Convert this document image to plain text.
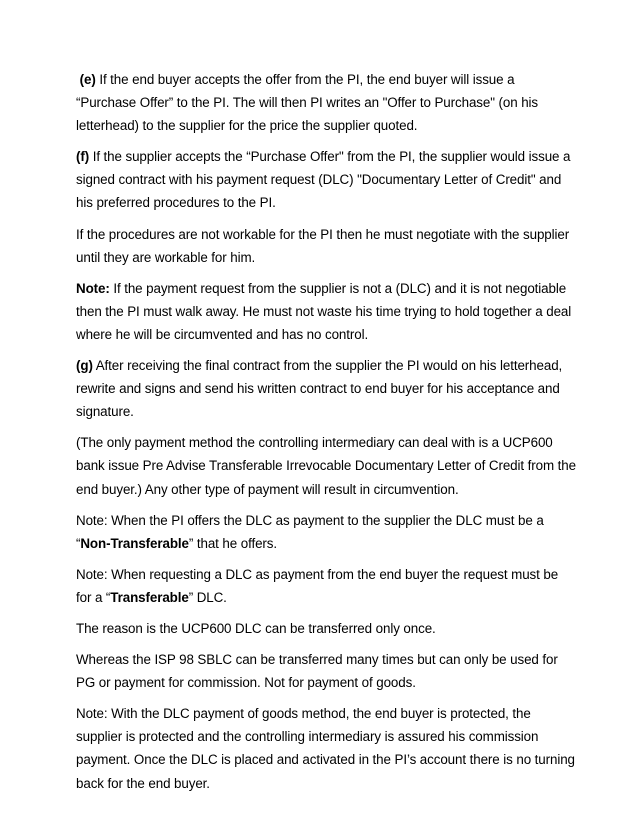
(e) If the end buyer accepts the offer from the PI, the end buyer will issue a “Purchase Offer” to the PI. The will then PI writes an "Offer to Purchase" (on his letterhead) to the supplier for the price the supplier quoted.

(f) If the supplier accepts the “Purchase Offer" from the PI, the supplier would issue a signed contract with his payment request (DLC) "Documentary Letter of Credit" and his preferred procedures to the PI.

If the procedures are not workable for the PI then he must negotiate with the supplier until they are workable for him.

Note: If the payment request from the supplier is not a (DLC) and it is not negotiable then the PI must walk away. He must not waste his time trying to hold together a deal where he will be circumvented and has no control.

(g) After receiving the final contract from the supplier the PI would on his letterhead, rewrite and signs and send his written contract to end buyer for his acceptance and signature.

(The only payment method the controlling intermediary can deal with is a UCP600 bank issue Pre Advise Transferable Irrevocable Documentary Letter of Credit from the end buyer.) Any other type of payment will result in circumvention.

Note: When the PI offers the DLC as payment to the supplier the DLC must be a “Non-Transferable” that he offers.

Note: When requesting a DLC as payment from the end buyer the request must be for a “Transferable” DLC.

The reason is the UCP600 DLC can be transferred only once.

Whereas the ISP 98 SBLC can be transferred many times but can only be used for PG or payment for commission. Not for payment of goods.

Note: With the DLC payment of goods method, the end buyer is protected, the supplier is protected and the controlling intermediary is assured his commission payment. Once the DLC is placed and activated in the PI’s account there is no turning back for the end buyer.
